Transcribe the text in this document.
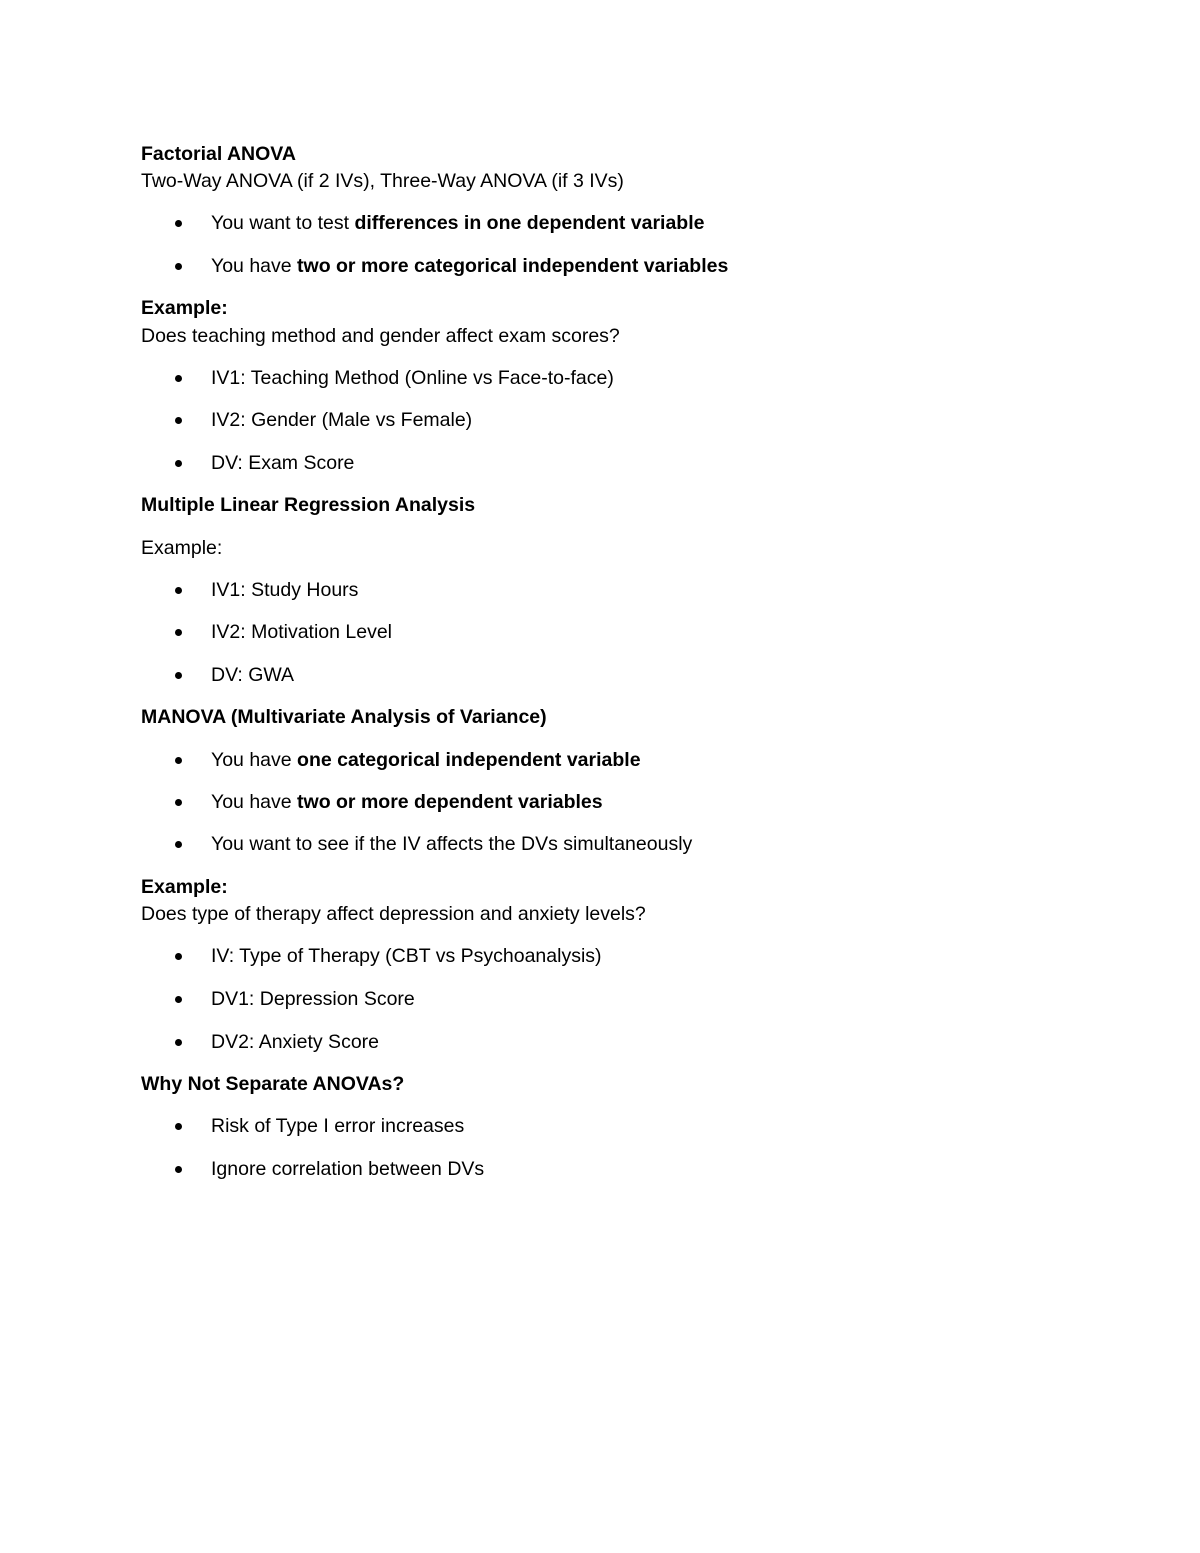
Factorial ANOVA
Two-Way ANOVA (if 2 IVs), Three-Way ANOVA (if 3 IVs)
You want to test differences in one dependent variable
You have two or more categorical independent variables
Example:
Does teaching method and gender affect exam scores?
IV1: Teaching Method (Online vs Face-to-face)
IV2: Gender (Male vs Female)
DV: Exam Score
Multiple Linear Regression Analysis
Example:
IV1: Study Hours
IV2: Motivation Level
DV: GWA
MANOVA (Multivariate Analysis of Variance)
You have one categorical independent variable
You have two or more dependent variables
You want to see if the IV affects the DVs simultaneously
Example:
Does type of therapy affect depression and anxiety levels?
IV: Type of Therapy (CBT vs Psychoanalysis)
DV1: Depression Score
DV2: Anxiety Score
Why Not Separate ANOVAs?
Risk of Type I error increases
Ignore correlation between DVs
